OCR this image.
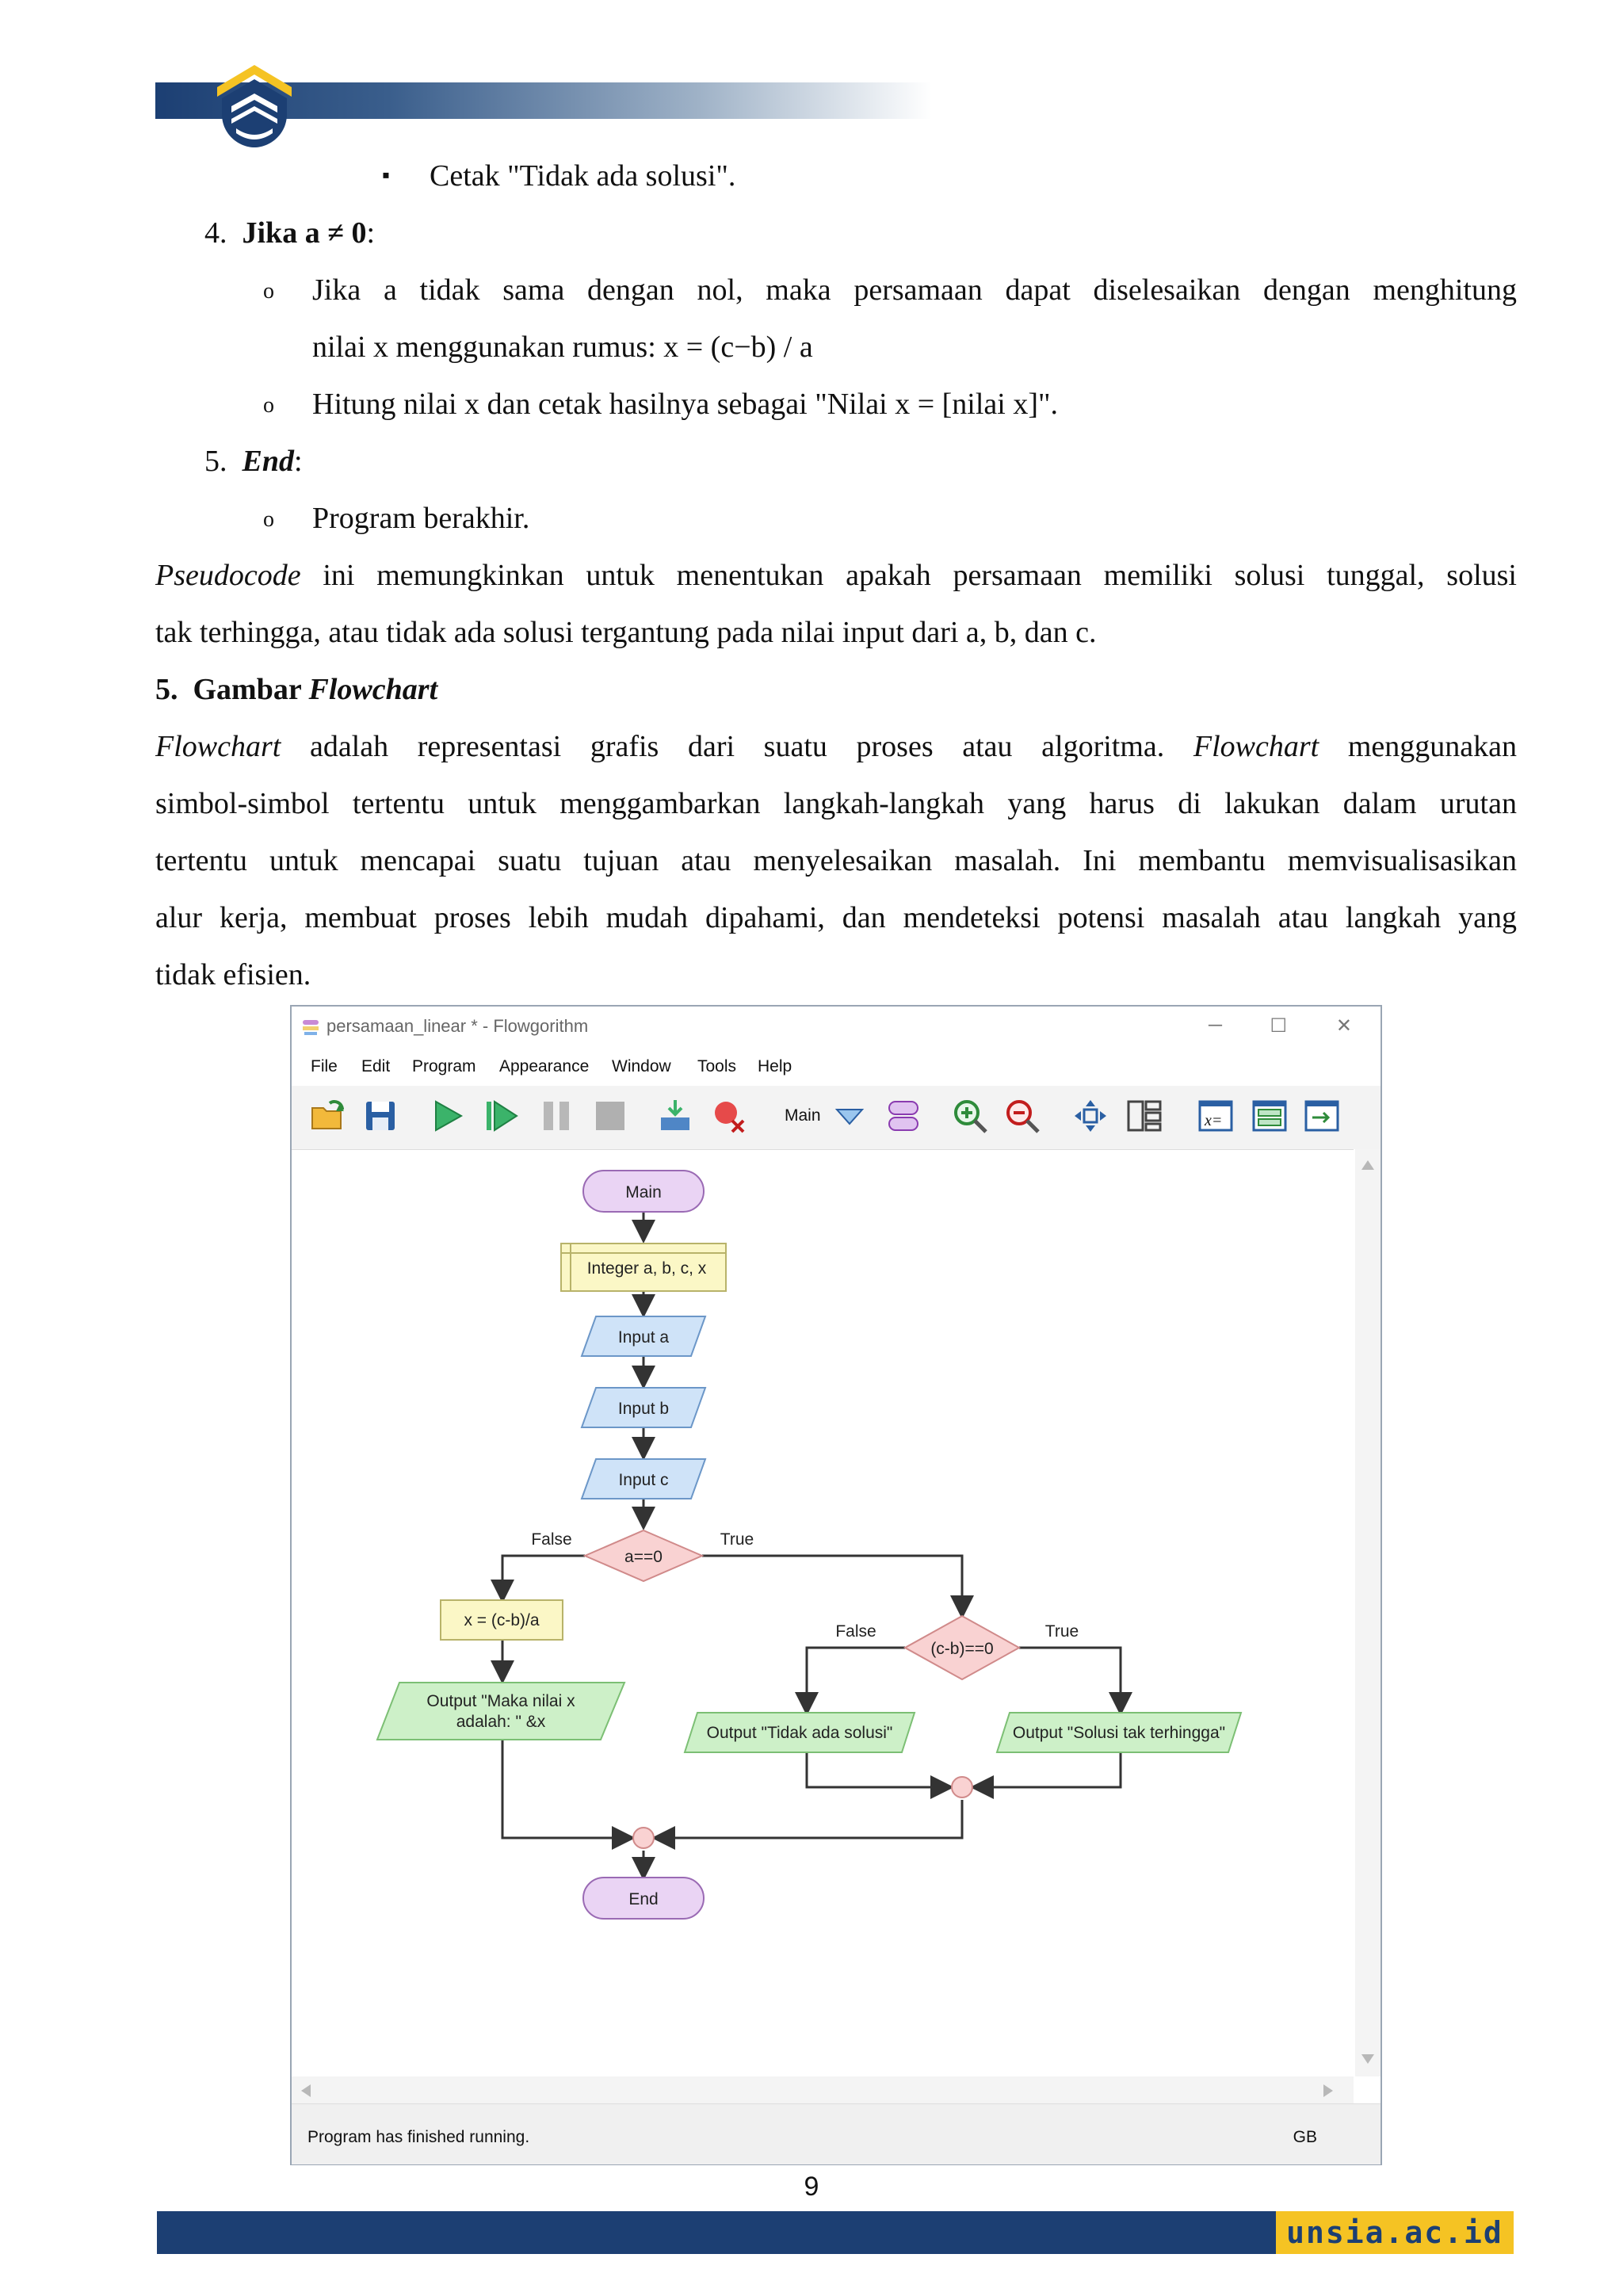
▪ Cetak "Tidak ada solusi".
4. Jika a ≠ 0:
o Jika a tidak sama dengan nol, maka persamaan dapat diselesaikan dengan menghitung
nilai x menggunakan rumus: x = (c−b) / a
o Hitung nilai x dan cetak hasilnya sebagai "Nilai x = [nilai x]".
5. End:
o Program berakhir.
Pseudocode ini memungkinkan untuk menentukan apakah persamaan memiliki solusi tunggal, solusi
tak terhingga, atau tidak ada solusi tergantung pada nilai input dari a, b, dan c.
5. Gambar Flowchart
Flowchart adalah representasi grafis dari suatu proses atau algoritma. Flowchart menggunakan
simbol-simbol tertentu untuk menggambarkan langkah-langkah yang harus di lakukan dalam urutan
tertentu untuk mencapai suatu tujuan atau menyelesaikan masalah. Ini membantu memvisualisasikan
alur kerja, membuat proses lebih mudah dipahami, dan mendeteksi potensi masalah atau langkah yang
tidak efisien.
persamaan_linear * - Flowgorithm	─	☐	✕
File Edit Program Appearance Window Tools Help
Main	x=
Main
Integer a, b, c, x
Input a
Input b
Input c
a==0
False	True
x = (c-b)/a
Output "Maka nilai x
adalah: " &x
(c-b)==0
False	True
Output "Tidak ada solusi"	Output "Solusi tak terhingga"
End
Program has finished running.	GB
9
unsia.ac.id
